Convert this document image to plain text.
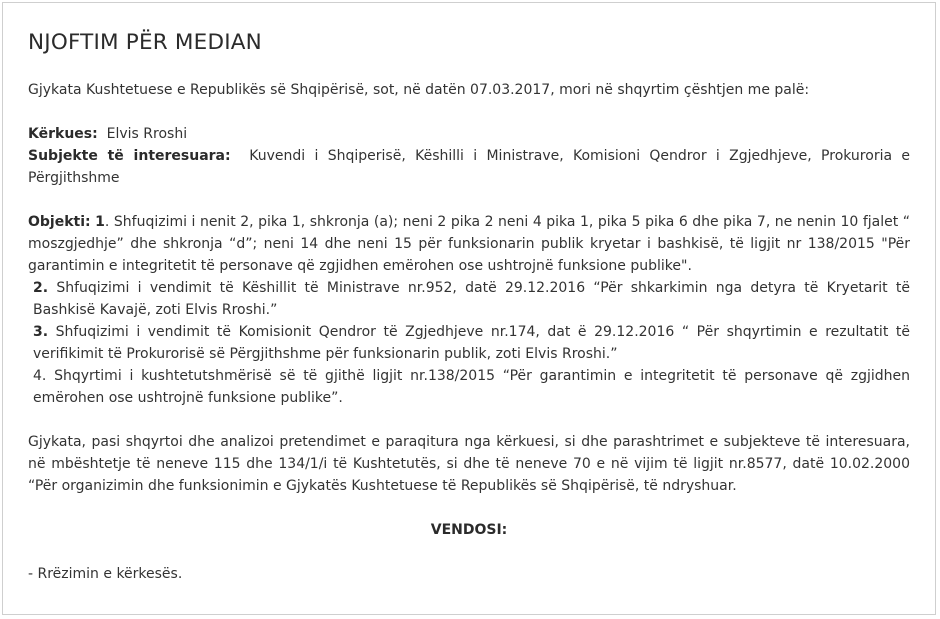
NJOFTIM PËR MEDIAN

Gjykata Kushtetuese e Republikës së Shqipërisë, sot, në datën 07.03.2017, mori në shqyrtim çështjen me palë:

Kërkues: Elvis Rroshi

Subjekte të interesuara: Kuvendi i Shqiperisë, Këshilli i Ministrave, Komisioni Qendror i Zgjedhjeve, Prokuroria e Përgjithshme

Objekti: 1. Shfuqizimi i nenit 2, pika 1, shkronja (a); neni 2 pika 2 neni 4 pika 1, pika 5 pika 6 dhe pika 7, ne nenin 10 fjalet “ moszgjedhje” dhe shkronja “d”; neni 14 dhe neni 15 për funksionarin publik kryetar i bashkisë, të ligjit nr 138/2015 "Për garantimin e integritetit të personave që zgjidhen emërohen ose ushtrojnë funksione publike".

2. Shfuqizimi i vendimit të Këshillit të Ministrave nr.952, datë 29.12.2016 “Për shkarkimin nga detyra të Kryetarit të Bashkisë Kavajë, zoti Elvis Rroshi.”

3. Shfuqizimi i vendimit të Komisionit Qendror të Zgjedhjeve nr.174, dat ë 29.12.2016 “ Për shqyrtimin e rezultatit të verifikimit të Prokurorisë së Përgjithshme për funksionarin publik, zoti Elvis Rroshi.”

4. Shqyrtimi i kushtetutshmërisë së të gjithë ligjit nr.138/2015 “Për garantimin e integritetit të personave që zgjidhen emërohen ose ushtrojnë funksione publike”.

Gjykata, pasi shqyrtoi dhe analizoi pretendimet e paraqitura nga kërkuesi, si dhe parashtrimet e subjekteve të interesuara, në mbështetje të neneve 115 dhe 134/1/i të Kushtetutës, si dhe të neneve 70 e në vijim të ligjit nr.8577, datë 10.02.2000 “Për organizimin dhe funksionimin e Gjykatës Kushtetuese të Republikës së Shqipërisë, të ndryshuar.

VENDOSI:

- Rrëzimin e kërkesës.
